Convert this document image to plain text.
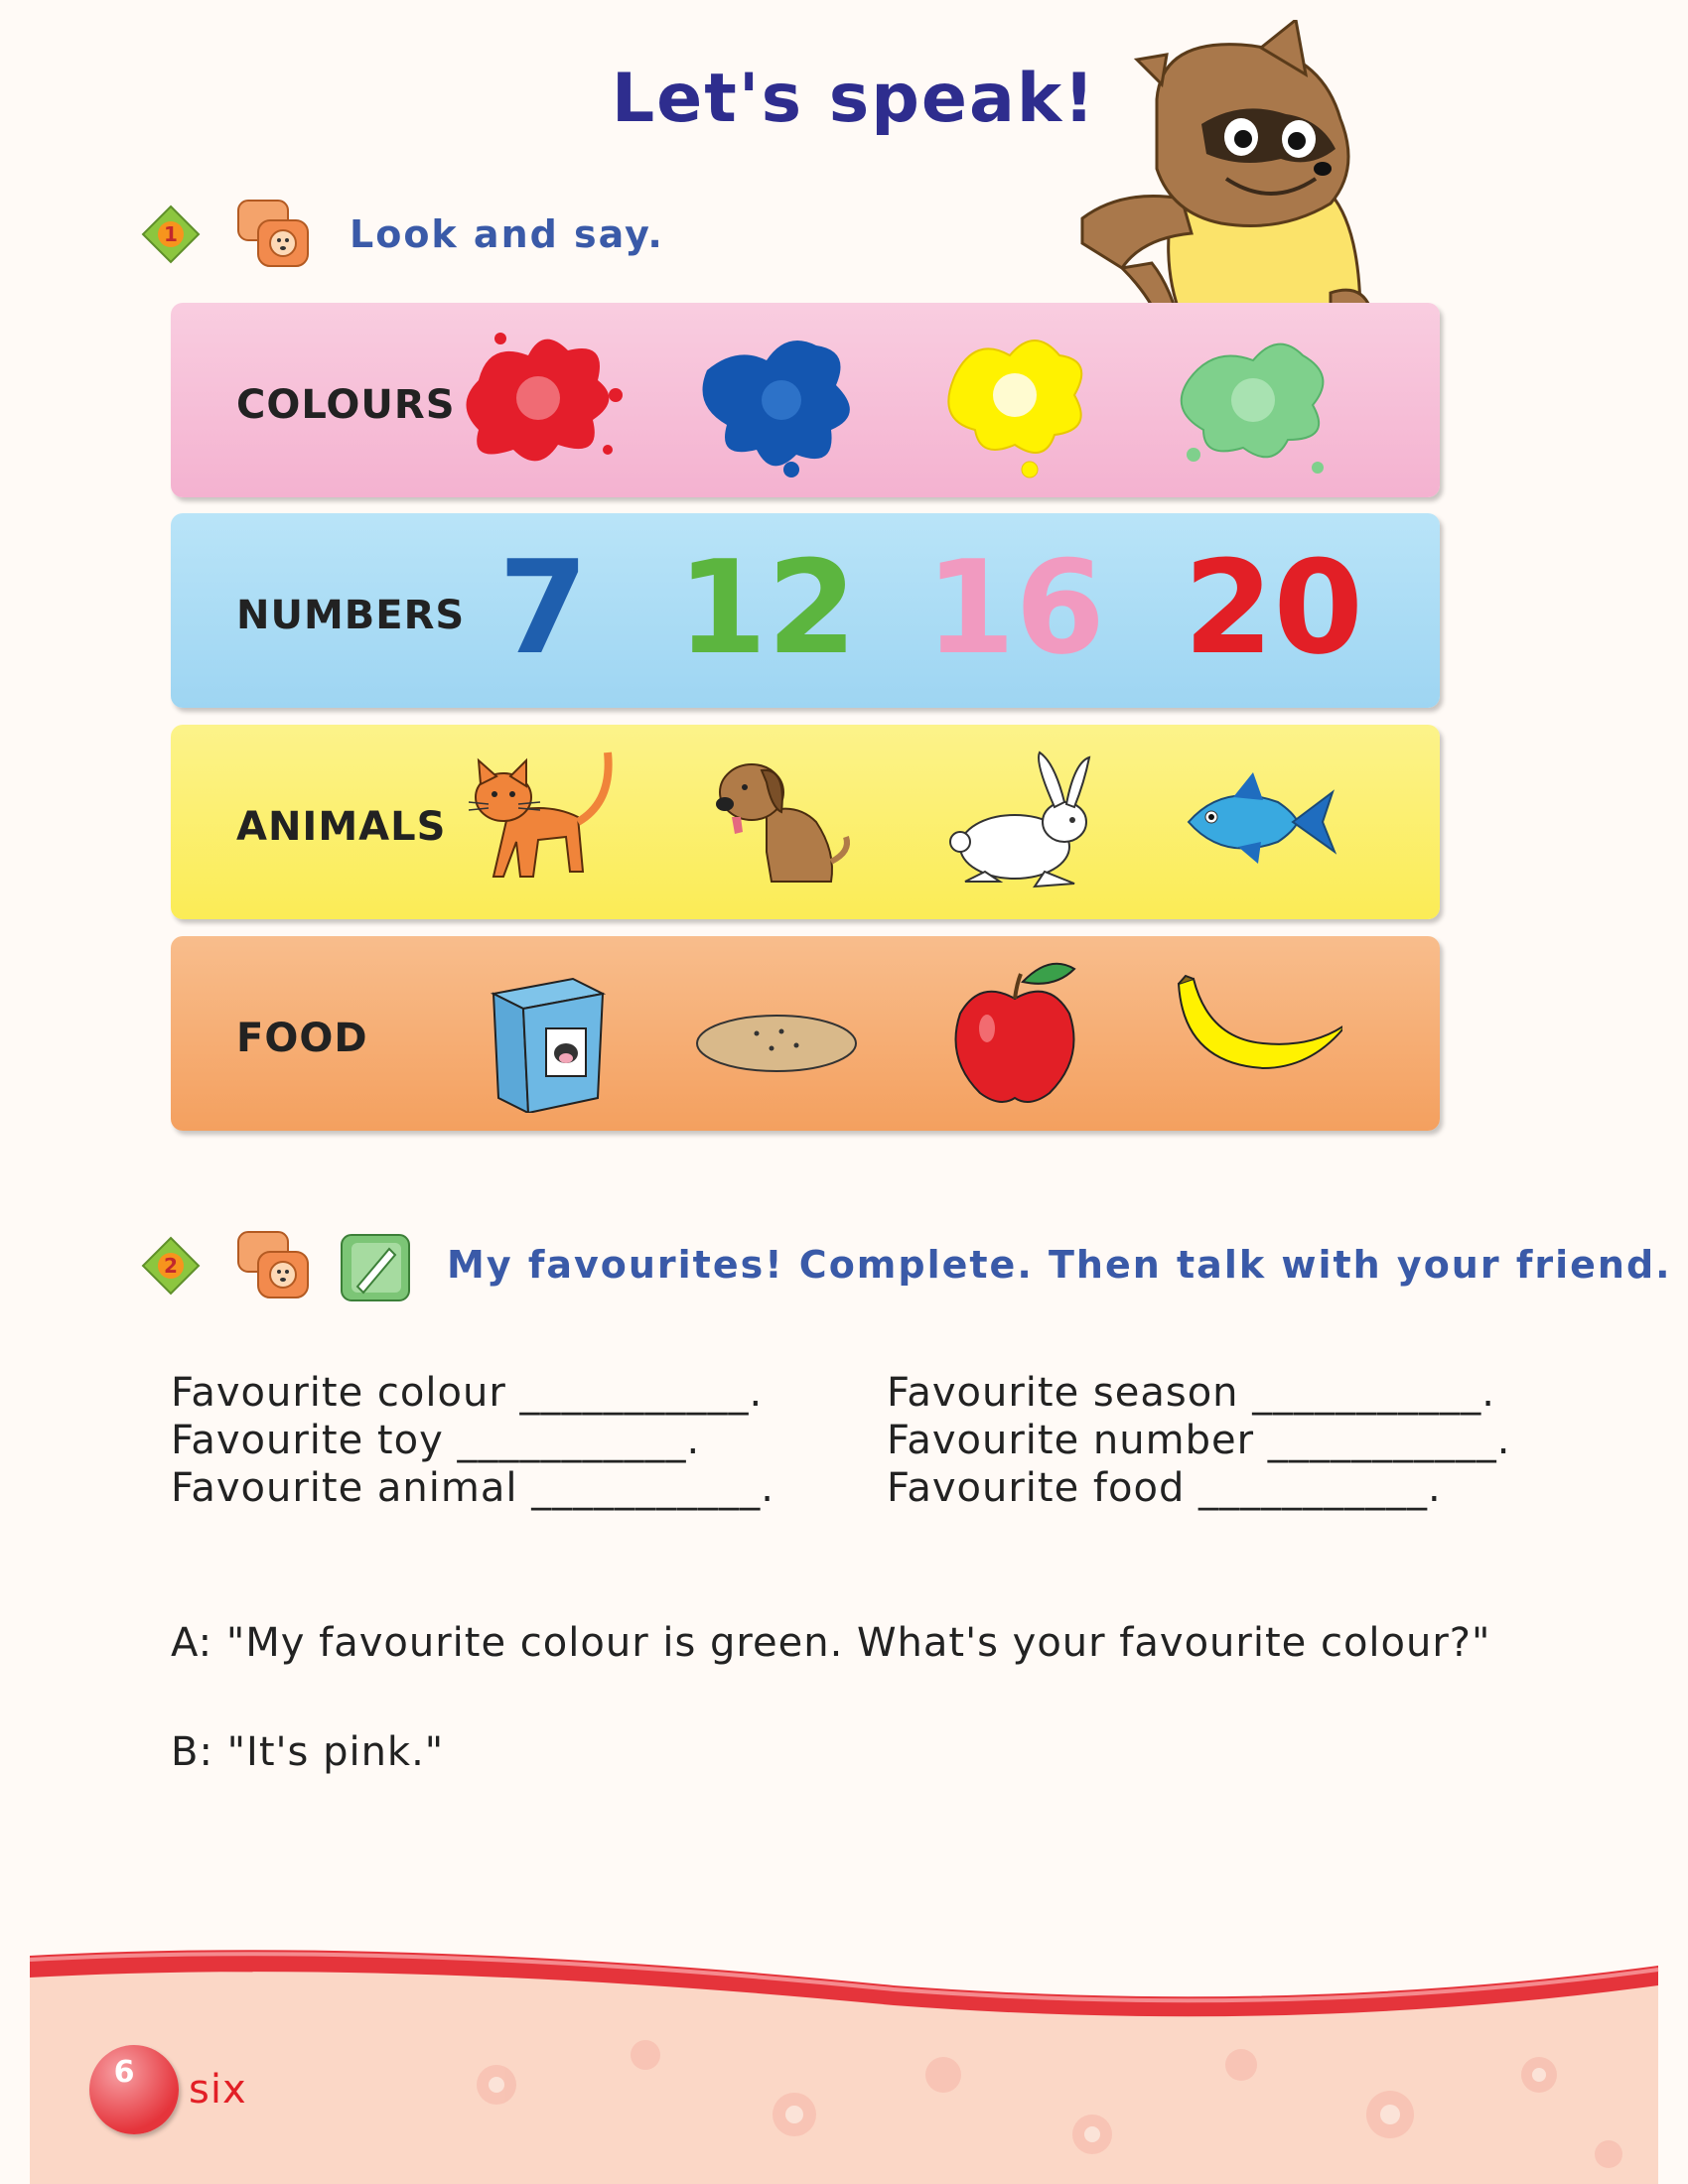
Let's speak!
1	Look and say.
COLOURS
NUMBERS 7 12 16 20
ANIMALS
FOOD
2	My favourites! Complete. Then talk with your friend.
Favourite colour ___________.
Favourite toy ___________.
Favourite animal ___________.
Favourite season ___________.
Favourite number ___________.
Favourite food ___________.
A: "My favourite colour is green. What's your favourite colour?"
B: "It's pink."
6	six
